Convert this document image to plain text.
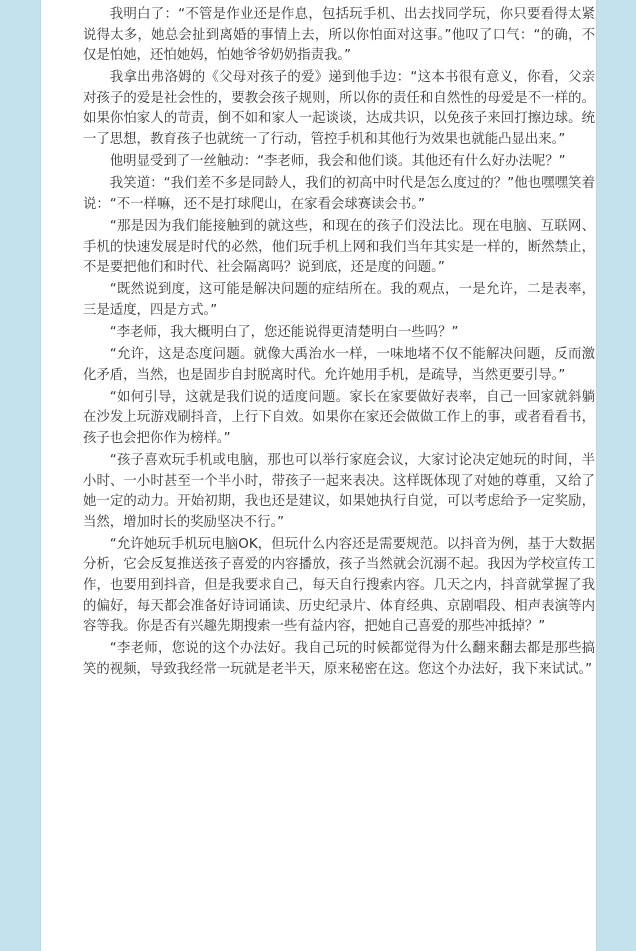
我明白了：“不管是作业还是作息，包括玩手机、出去找同学玩，你只要看得太紧说得太多，她总会扯到离婚的事情上去，所以你怕面对这事。”他叹了口气：“的确，不仅是怕她，还怕她妈，怕她爷爷奶奶指责我。”

我拿出弗洛姆的《父母对孩子的爱》递到他手边：“这本书很有意义，你看，父亲对孩子的爱是社会性的，要教会孩子规则，所以你的责任和自然性的母爱是不一样的。如果你怕家人的苛责，倒不如和家人一起谈谈，达成共识，以免孩子来回打擦边球。统一了思想，教育孩子也就统一了行动，管控手机和其他行为效果也就能凸显出来。”

他明显受到了一丝触动：“李老师，我会和他们谈。其他还有什么好办法呢？”

我笑道：“我们差不多是同龄人，我们的初高中时代是怎么度过的？”他也嘿嘿笑着说：“不一样嘛，还不是打球爬山，在家看会球赛读会书。”

“那是因为我们能接触到的就这些，和现在的孩子们没法比。现在电脑、互联网、手机的快速发展是时代的必然，他们玩手机上网和我们当年其实是一样的，断然禁止，不是要把他们和时代、社会隔离吗？说到底，还是度的问题。”

“既然说到度，这可能是解决问题的症结所在。我的观点，一是允许，二是表率，三是适度，四是方式。”

“李老师，我大概明白了，您还能说得更清楚明白一些吗？”

“允许，这是态度问题。就像大禹治水一样，一味地堵不仅不能解决问题，反而激化矛盾，当然，也是固步自封脱离时代。允许她用手机，是疏导，当然更要引导。”

“如何引导，这就是我们说的适度问题。家长在家要做好表率，自己一回家就斜躺在沙发上玩游戏刷抖音，上行下自效。如果你在家还会做做工作上的事，或者看看书，孩子也会把你作为榜样。”

“孩子喜欢玩手机或电脑，那也可以举行家庭会议，大家讨论决定她玩的时间，半小时、一小时甚至一个半小时，带孩子一起来表决。这样既体现了对她的尊重，又给了她一定的动力。开始初期，我也还是建议，如果她执行自觉，可以考虑给予一定奖励，当然，增加时长的奖励坚决不行。”

“允许她玩手机玩电脑OK，但玩什么内容还是需要规范。以抖音为例，基于大数据分析，它会反复推送孩子喜爱的内容播放，孩子当然就会沉溺不起。我因为学校宣传工作，也要用到抖音，但是我要求自己，每天自行搜索内容。几天之内，抖音就掌握了我的偏好，每天都会准备好诗词诵读、历史纪录片、体育经典、京剧唱段、相声表演等内容等我。你是否有兴趣先期搜索一些有益内容，把她自己喜爱的那些冲抵掉？”

“李老师，您说的这个办法好。我自己玩的时候都觉得为什么翻来翻去都是那些搞笑的视频，导致我经常一玩就是老半天，原来秘密在这。您这个办法好，我下来试试。”
